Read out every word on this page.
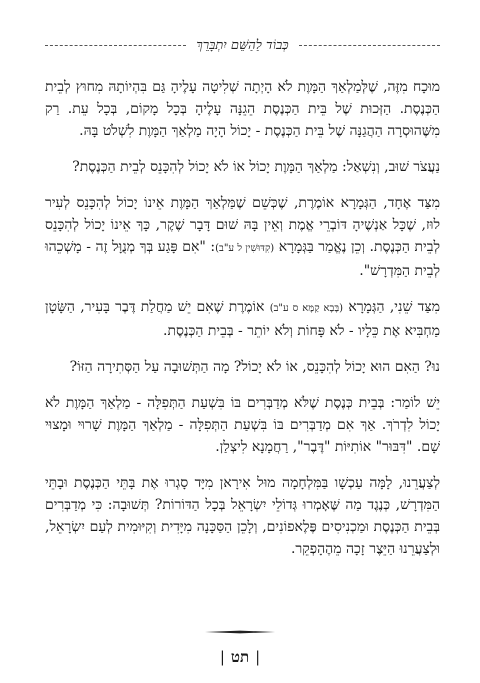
כְּבוֹד לַהַשֵּׁם יִתְבָּרֵךְ

מוּכָח מִזֶּה, שֶׁלְּמַלְאַךְ הַמָּוֶת לֹא הָיְתָה שְׁלִיטָה עָלֶיהָ גַּם בִּהְיוֹתָהּ מִחוּץ לְבֵית הַכְּנֶסֶת. הַזְּכוּת שֶׁל בֵּית הַכְּנֶסֶת הֵגֵנָּה עָלֶיהָ בְּכָל מָקוֹם, בְּכָל עֵת. רַק מִשֶּׁהוּסְרָה הַהֲגַנָּה שֶׁל בֵּית הַכְּנֶסֶת - יָכוֹל הָיָה מַלְאַךְ הַמָּוֶת לִשְׁלֹט בָּהּ.

נַעֲצֹר שׁוּב, וְנִשְׁאַל: מַלְאַךְ הַמָּוֶת יָכוֹל אוֹ לֹא יָכוֹל לְהִכָּנֵס לְבֵית הַכְּנֶסֶת?

מִצַּד אֶחָד, הַגְּמָרָא אוֹמֶרֶת, שֶׁכְּשֵׁם שֶׁמַּלְאַךְ הַמָּוֶת אֵינוֹ יָכוֹל לְהִכָּנֵס לְעִיר לוּז, שֶׁכָּל אַנְשֶׁיהָ דּוֹבְרֵי אֱמֶת וְאֵין בָּהּ שׁוּם דָּבָר שֶׁקֶר, כָּךְ אֵינוֹ יָכוֹל לְהִכָּנֵס לְבֵית הַכְּנֶסֶת. וְכֵן נֶאֱמַר בַּגְּמָרָא (קִדּוּשִׁין ל ע"ב): "אִם פָּגַע בְּךָ מְנֻוָּל זֶה - מָשְׁכֵהוּ לְבֵית הַמִּדְרָשׁ".

מִצַּד שֵׁנִי, הַגְּמָרָא (בָּבָא קַמָּא ס ע"ב) אוֹמֶרֶת שֶׁאִם יֵשׁ מַחֲלַת דֶּבֶר בָּעִיר, הַשָּׂטָן מַחְבִּיא אֶת כֵּלָיו - לֹא פָּחוֹת וְלֹא יוֹתֵר - בְּבֵית הַכְּנֶסֶת.

נוּ? הַאִם הוּא יָכוֹל לְהִכָּנֵס, אוֹ לֹא יָכוֹל? מָה הַתְּשׁוּבָה עַל הַסְּתִירָה הַזּוֹ?

יֵשׁ לוֹמַר: בְּבֵית כְּנֶסֶת שֶׁלֹּא מְדַבְּרִים בּוֹ בִּשְׁעַת הַתְּפִלָּה - מַלְאַךְ הַמָּוֶת לֹא יָכוֹל לִדְרֹךְ. אַךְ אִם מְדַבְּרִים בּוֹ בִּשְׁעַת הַתְּפִלָּה - מַלְאַךְ הַמָּוֶת שָׁרוּי וּמָצוּי שָׁם. "דִּבּוּר" אוֹתִיּוֹת "דֶּבֶר", רַחֲמָנָא לִיצְלַן.

לְצַעֲרֵנוּ, לָמָּה עַכְשָׁו בַּמִּלְחָמָה מוּל אִירָאן מִיָּד סָגְרוּ אֶת בָּתֵּי הַכְּנֶסֶת וּבָתֵּי הַמִּדְרָשׁ, כְּנֶגֶד מַה שֶּׁאָמְרוּ גְּדוֹלֵי יִשְׂרָאֵל בְּכָל הַדּוֹרוֹת? תְּשׁוּבָה: כִּי מְדַבְּרִים בְּבֵית הַכְּנֶסֶת וּמַכְנִיסִים פֶּלֶאפוֹנִים, וְלָכֵן הַסַּכָּנָה מִיָּדִית וְקִיּוּמִית לְעַם יִשְׂרָאֵל, וּלְצַעֲרֵנוּ הַיֵּצֶר זָכָה מֵהֶהָפְקֵר.

|תט|
